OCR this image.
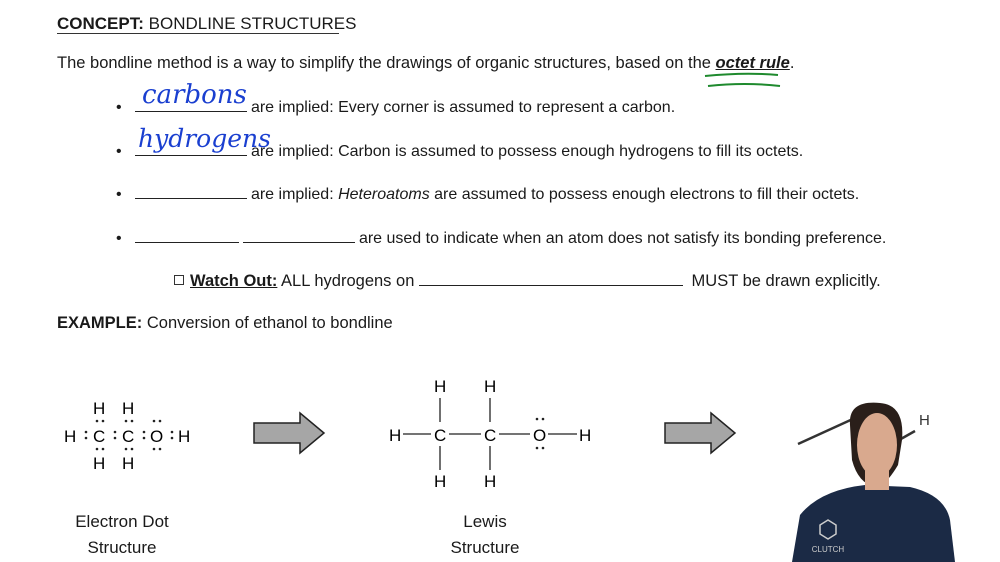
CONCEPT: BONDLINE STRUCTURES
The bondline method is a way to simplify the drawings of organic structures, based on the octet rule.
•	are implied: Every corner is assumed to represent a carbon.
carbons
•	are implied: Carbon is assumed to possess enough hydrogens to fill its octets.
hydrogens
•	are implied: Heteroatoms are assumed to possess enough electrons to fill their octets.
•	are used to indicate when an atom does not satisfy its bonding preference.
Watch Out: ALL hydrogens on	MUST be drawn explicitly.
EXAMPLE: Conversion of ethanol to bondline
H H
H C C O H
H H
Electron Dot
Structure
H H
H C C O H
H H
Lewis
Structure
H
CLUTCH
